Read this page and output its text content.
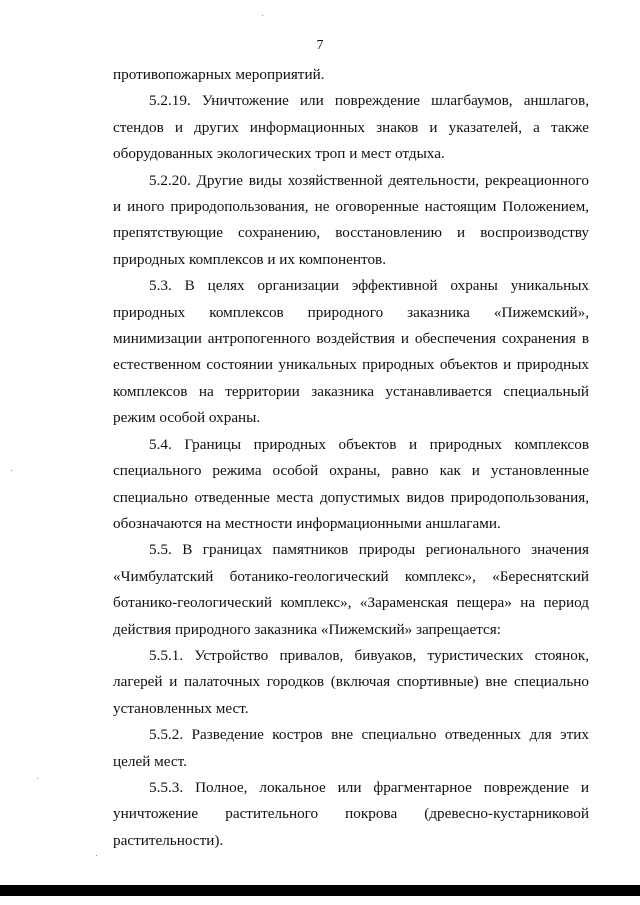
7

противопожарных мероприятий.

5.2.19. Уничтожение или повреждение шлагбаумов, аншлагов, стендов и других информационных знаков и указателей, а также оборудованных экологических троп и мест отдыха.

5.2.20. Другие виды хозяйственной деятельности, рекреационного и иного природопользования, не оговоренные настоящим Положением, препятствующие сохранению, восстановлению и воспроизводству природных комплексов и их компонентов.

5.3. В целях организации эффективной охраны уникальных природных комплексов природного заказника «Пижемский», минимизации антропогенного воздействия и обеспечения сохранения в естественном состоянии уникальных природных объектов и природных комплексов на территории заказника устанавливается специальный режим особой охраны.

5.4. Границы природных объектов и природных комплексов специального режима особой охраны, равно как и установленные специально отведенные места допустимых видов природопользования, обозначаются на местности информационными аншлагами.

5.5. В границах памятников природы регионального значения «Чимбулатский ботанико-геологический комплекс», «Береснятский ботанико-геологический комплекс», «Зараменская пещера» на период действия природного заказника «Пижемский» запрещается:

5.5.1. Устройство привалов, бивуаков, туристических стоянок, лагерей и палаточных городков (включая спортивные) вне специально установленных мест.

5.5.2. Разведение костров вне специально отведенных для этих целей мест.

5.5.3. Полное, локальное или фрагментарное повреждение и уничтожение растительного покрова (древесно-кустарниковой растительности).
